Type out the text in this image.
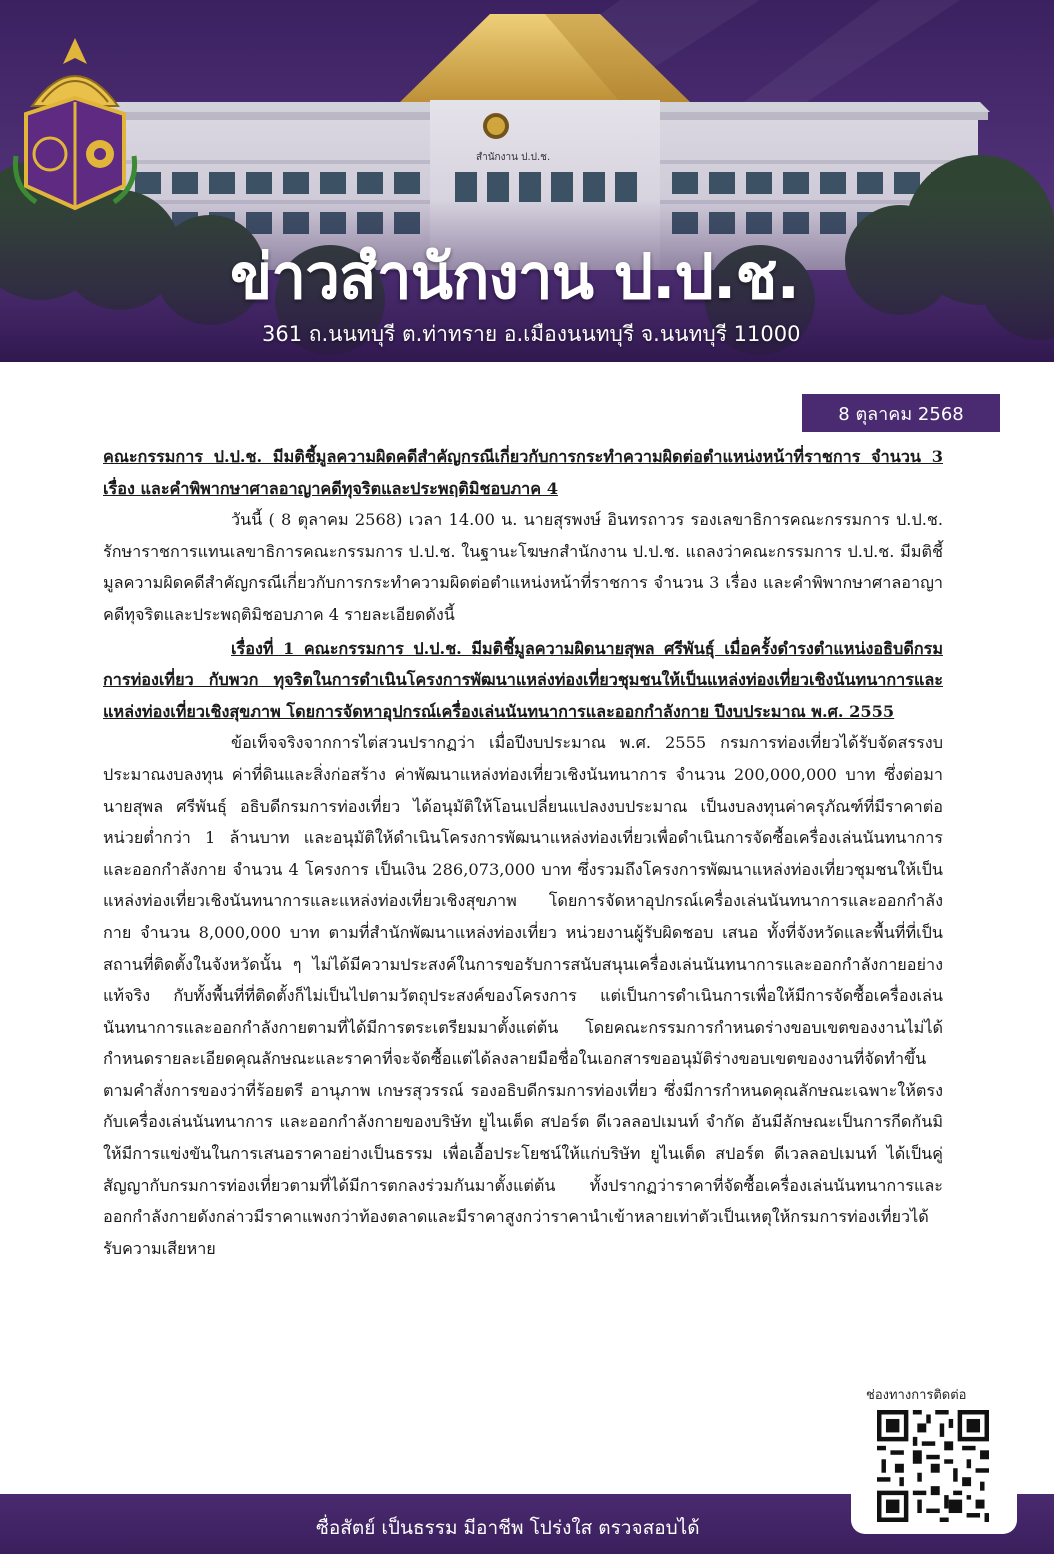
ข่าวสำนักงาน ป.ป.ช.
361 ถ.นนทบุรี ต.ท่าทราย อ.เมืองนนทบุรี จ.นนทบุรี 11000
8 ตุลาคม 2568

คณะกรรมการ ป.ป.ช. มีมติชี้มูลความผิดคดีสำคัญกรณีเกี่ยวกับการกระทำความผิดต่อตำแหน่งหน้าที่ราชการ จำนวน 3 เรื่อง และคำพิพากษาศาลอาญาคดีทุจริตและประพฤติมิชอบภาค 4

วันนี้ ( 8 ตุลาคม 2568) เวลา 14.00 น. นายสุรพงษ์ อินทรถาวร รองเลขาธิการคณะกรรมการ ป.ป.ช. รักษาราชการแทนเลขาธิการคณะกรรมการ ป.ป.ช. ในฐานะโฆษกสำนักงาน ป.ป.ช. แถลงว่าคณะกรรมการ ป.ป.ช. มีมติชี้มูลความผิดคดีสำคัญกรณีเกี่ยวกับการกระทำความผิดต่อตำแหน่งหน้าที่ราชการ จำนวน 3 เรื่อง และคำพิพากษาศาลอาญาคดีทุจริตและประพฤติมิชอบภาค 4 รายละเอียดดังนี้

เรื่องที่ 1 คณะกรรมการ ป.ป.ช. มีมติชี้มูลความผิดนายสุพล ศรีพันธุ์ เมื่อครั้งดำรงตำแหน่งอธิบดีกรมการท่องเที่ยว กับพวก ทุจริตในการดำเนินโครงการพัฒนาแหล่งท่องเที่ยวชุมชนให้เป็นแหล่งท่องเที่ยวเชิงนันทนาการและแหล่งท่องเที่ยวเชิงสุขภาพ โดยการจัดหาอุปกรณ์เครื่องเล่นนันทนาการและออกกำลังกาย ปีงบประมาณ พ.ศ. 2555

ข้อเท็จจริงจากการไต่สวนปรากฏว่า เมื่อปีงบประมาณ พ.ศ. 2555 กรมการท่องเที่ยวได้รับจัดสรรงบประมาณงบลงทุน ค่าที่ดินและสิ่งก่อสร้าง ค่าพัฒนาแหล่งท่องเที่ยวเชิงนันทนาการ จำนวน 200,000,000 บาท ซึ่งต่อมานายสุพล ศรีพันธุ์ อธิบดีกรมการท่องเที่ยว ได้อนุมัติให้โอนเปลี่ยนแปลงงบประมาณ เป็นงบลงทุนค่าครุภัณฑ์ที่มีราคาต่อหน่วยต่ำกว่า 1 ล้านบาท และอนุมัติให้ดำเนินโครงการพัฒนาแหล่งท่องเที่ยวเพื่อดำเนินการจัดซื้อเครื่องเล่นนันทนาการและออกกำลังกาย จำนวน 4 โครงการ เป็นเงิน 286,073,000 บาท ซึ่งรวมถึงโครงการพัฒนาแหล่งท่องเที่ยวชุมชนให้เป็นแหล่งท่องเที่ยวเชิงนันทนาการและแหล่งท่องเที่ยวเชิงสุขภาพ โดยการจัดหาอุปกรณ์เครื่องเล่นนันทนาการและออกกำลังกาย จำนวน 8,000,000 บาท ตามที่สำนักพัฒนาแหล่งท่องเที่ยว หน่วยงานผู้รับผิดชอบ เสนอ ทั้งที่จังหวัดและพื้นที่ที่เป็นสถานที่ติดตั้งในจังหวัดนั้น ๆ ไม่ได้มีความประสงค์ในการขอรับการสนับสนุนเครื่องเล่นนันทนาการและออกกำลังกายอย่างแท้จริง กับทั้งพื้นที่ที่ติดตั้งก็ไม่เป็นไปตามวัตถุประสงค์ของโครงการ แต่เป็นการดำเนินการเพื่อให้มีการจัดซื้อเครื่องเล่นนันทนาการและออกกำลังกายตามที่ได้มีการตระเตรียมมาตั้งแต่ต้น โดยคณะกรรมการกำหนดร่างขอบเขตของงานไม่ได้กำหนดรายละเอียดคุณลักษณะและราคาที่จะจัดซื้อแต่ได้ลงลายมือชื่อในเอกสารขออนุมัติร่างขอบเขตของงานที่จัดทำขึ้นตามคำสั่งการของว่าที่ร้อยตรี อานุภาพ เกษรสุวรรณ์ รองอธิบดีกรมการท่องเที่ยว ซึ่งมีการกำหนดคุณลักษณะเฉพาะให้ตรงกับเครื่องเล่นนันทนาการ และออกกำลังกายของบริษัท ยูไนเต็ด สปอร์ต ดีเวลลอปเมนท์ จำกัด อันมีลักษณะเป็นการกีดกันมิให้มีการแข่งขันในการเสนอราคาอย่างเป็นธรรม เพื่อเอื้อประโยชน์ให้แก่บริษัท ยูไนเต็ด สปอร์ต ดีเวลลอปเมนท์ ได้เป็นคู่สัญญากับกรมการท่องเที่ยวตามที่ได้มีการตกลงร่วมกันมาตั้งแต่ต้น ทั้งปรากฏว่าราคาที่จัดซื้อเครื่องเล่นนันทนาการและออกกำลังกายดังกล่าวมีราคาแพงกว่าท้องตลาดและมีราคาสูงกว่าราคานำเข้าหลายเท่าตัวเป็นเหตุให้กรมการท่องเที่ยวได้รับความเสียหาย

ซื่อสัตย์ เป็นธรรม มีอาชีพ โปร่งใส ตรวจสอบได้
ช่องทางการติดต่อ
